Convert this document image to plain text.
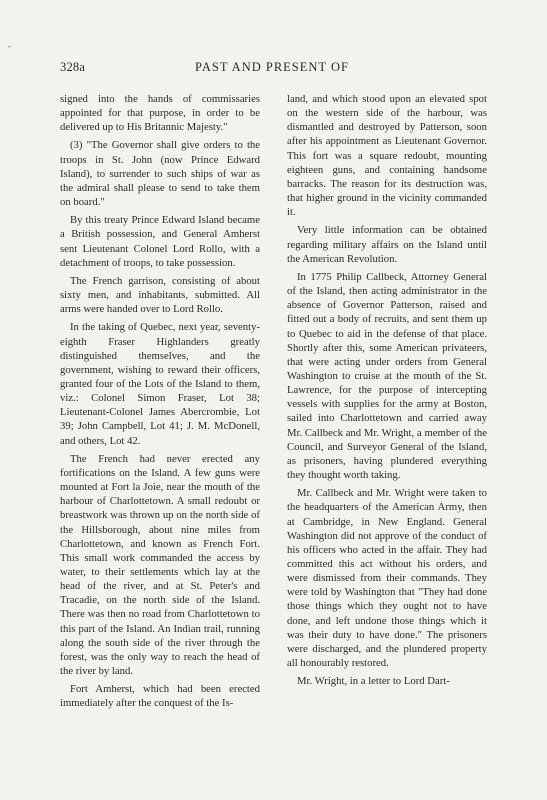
328a	PAST AND PRESENT OF

signed into the hands of commissaries appointed for that purpose, in order to be delivered up to His Britannic Majesty."

(3) "The Governor shall give orders to the troops in St. John (now Prince Edward Island), to surrender to such ships of war as the admiral shall please to send to take them on board."

By this treaty Prince Edward Island became a British possession, and General Amherst sent Lieutenant Colonel Lord Rollo, with a detachment of troops, to take possession.

The French garrison, consisting of about sixty men, and inhabitants, submitted. All arms were handed over to Lord Rollo.

In the taking of Quebec, next year, seventy-eighth Fraser Highlanders greatly distinguished themselves, and the government, wishing to reward their officers, granted four of the Lots of the Island to them, viz.: Colonel Simon Fraser, Lot 38; Lieutenant-Colonel James Abercrombie, Lot 39; John Campbell, Lot 41; J. M. McDonell, and others, Lot 42.

The French had never erected any fortifications on the Island. A few guns were mounted at Fort la Joie, near the mouth of the harbour of Charlottetown. A small redoubt or breastwork was thrown up on the north side of the Hillsborough, about nine miles from Charlottetown, and known as French Fort. This small work commanded the access by water, to their settlements which lay at the head of the river, and at St. Peter's and Tracadie, on the north side of the Island. There was then no road from Charlottetown to this part of the Island. An Indian trail, running along the south side of the river through the forest, was the only way to reach the head of the river by land.

Fort Amherst, which had been erected immediately after the conquest of the Is-

land, and which stood upon an elevated spot on the western side of the harbour, was dismantled and destroyed by Patterson, soon after his appointment as Lieutenant Governor. This fort was a square redoubt, mounting eighteen guns, and containing handsome barracks. The reason for its destruction was, that higher ground in the vicinity commanded it.

Very little information can be obtained regarding military affairs on the Island until the American Revolution.

In 1775 Philip Callbeck, Attorney General of the Island, then acting administrator in the absence of Governor Patterson, raised and fitted out a body of recruits, and sent them up to Quebec to aid in the defense of that place. Shortly after this, some American privateers, that were acting under orders from General Washington to cruise at the mouth of the St. Lawrence, for the purpose of intercepting vessels with supplies for the army at Boston, sailed into Charlottetown and carried away Mr. Callbeck and Mr. Wright, a member of the Council, and Surveyor General of the Island, as prisoners, having plundered everything they thought worth taking.

Mr. Callbeck and Mr. Wright were taken to the headquarters of the American Army, then at Cambridge, in New England. General Washington did not approve of the conduct of his officers who acted in the affair. They had committed this act without his orders, and were dismissed from their commands. They were told by Washington that "They had done those things which they ought not to have done, and left undone those things which it was their duty to have done." The prisoners were discharged, and the plundered property all honourably restored.

Mr. Wright, in a letter to Lord Dart-
